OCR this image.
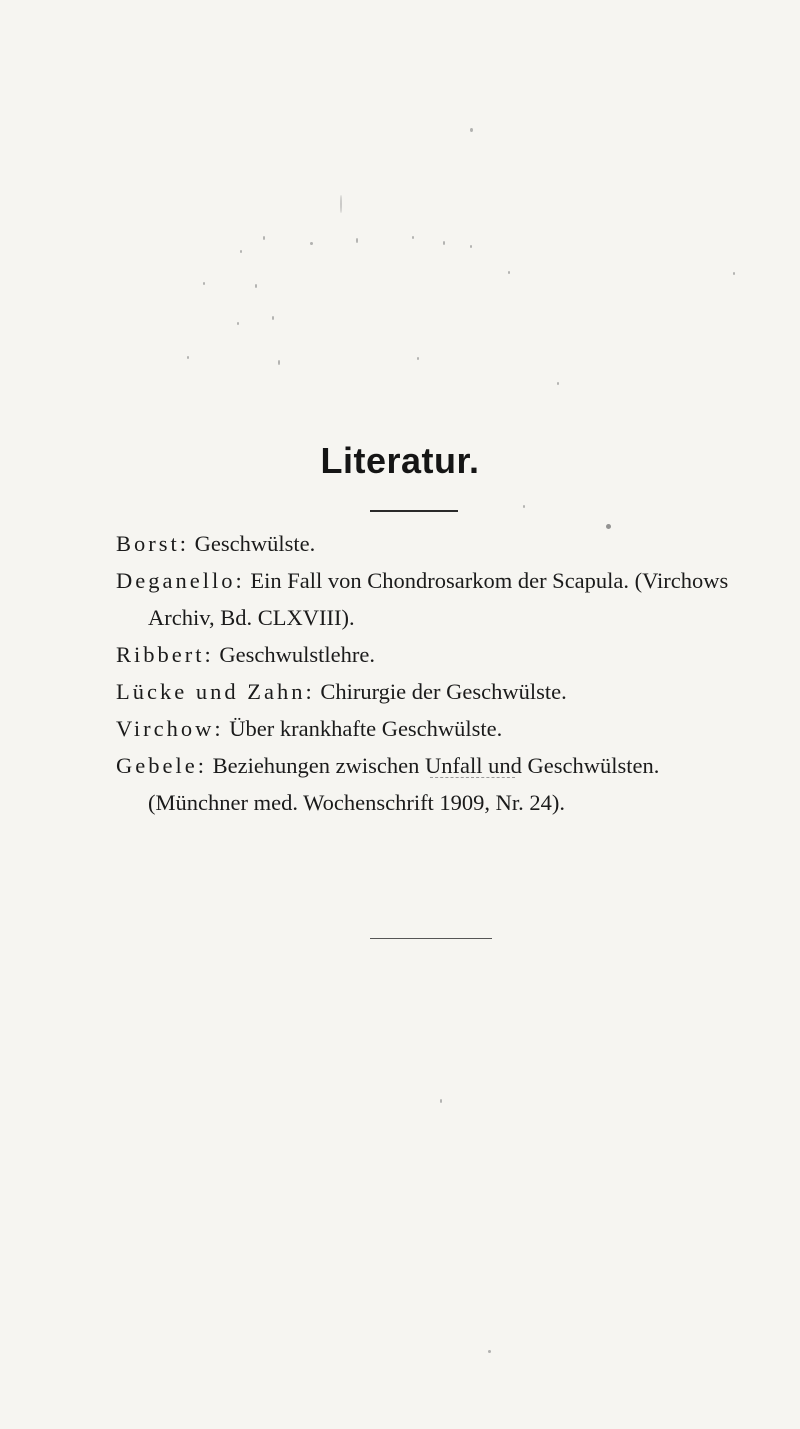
Literatur.
Borst: Geschwülste.
Deganello: Ein Fall von Chondrosarkom der Scapula. (Virchows
Archiv, Bd. CLXVIII).
Ribbert: Geschwulstlehre.
Lücke und Zahn: Chirurgie der Geschwülste.
Virchow: Über krankhafte Geschwülste.
Gebele: Beziehungen zwischen Unfall und Geschwülsten.
(Münchner med. Wochenschrift 1909, Nr. 24).
